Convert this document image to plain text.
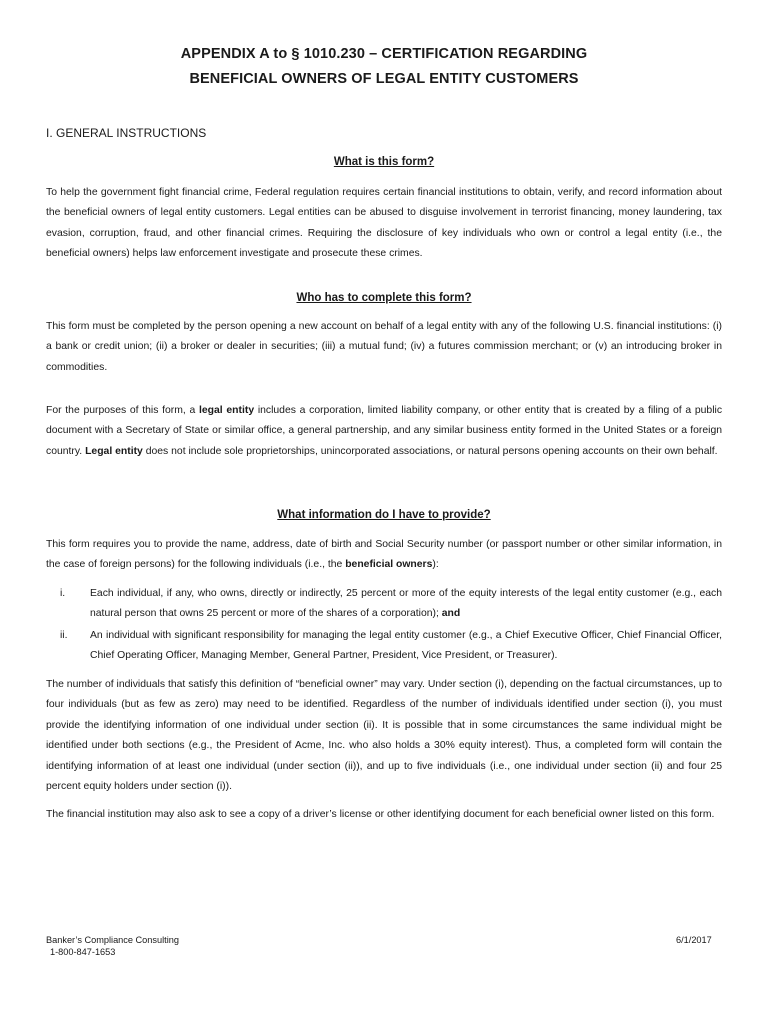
APPENDIX A to § 1010.230 – CERTIFICATION REGARDING
BENEFICIAL OWNERS OF LEGAL ENTITY CUSTOMERS
I. GENERAL INSTRUCTIONS
What is this form?

To help the government fight financial crime, Federal regulation requires certain financial institutions to obtain, verify, and record information about the beneficial owners of legal entity customers. Legal entities can be abused to disguise involvement in terrorist financing, money laundering, tax evasion, corruption, fraud, and other financial crimes. Requiring the disclosure of key individuals who own or control a legal entity (i.e., the beneficial owners) helps law enforcement investigate and prosecute these crimes.

Who has to complete this form?

This form must be completed by the person opening a new account on behalf of a legal entity with any of the following U.S. financial institutions: (i) a bank or credit union; (ii) a broker or dealer in securities; (iii) a mutual fund; (iv) a futures commission merchant; or (v) an introducing broker in commodities.

For the purposes of this form, a legal entity includes a corporation, limited liability company, or other entity that is created by a filing of a public document with a Secretary of State or similar office, a general partnership, and any similar business entity formed in the United States or a foreign country. Legal entity does not include sole proprietorships, unincorporated associations, or natural persons opening accounts on their own behalf.

What information do I have to provide?

This form requires you to provide the name, address, date of birth and Social Security number (or passport number or other similar information, in the case of foreign persons) for the following individuals (i.e., the beneficial owners):

i. Each individual, if any, who owns, directly or indirectly, 25 percent or more of the equity interests of the legal entity customer (e.g., each natural person that owns 25 percent or more of the shares of a corporation); and
ii. An individual with significant responsibility for managing the legal entity customer (e.g., a Chief Executive Officer, Chief Financial Officer, Chief Operating Officer, Managing Member, General Partner, President, Vice President, or Treasurer).

The number of individuals that satisfy this definition of “beneficial owner” may vary. Under section (i), depending on the factual circumstances, up to four individuals (but as few as zero) may need to be identified. Regardless of the number of individuals identified under section (i), you must provide the identifying information of one individual under section (ii). It is possible that in some circumstances the same individual might be identified under both sections (e.g., the President of Acme, Inc. who also holds a 30% equity interest). Thus, a completed form will contain the identifying information of at least one individual (under section (ii)), and up to five individuals (i.e., one individual under section (ii) and four 25 percent equity holders under section (i)).

The financial institution may also ask to see a copy of a driver’s license or other identifying document for each beneficial owner listed on this form.

Banker’s Compliance Consulting
1-800-847-1653
6/1/2017
